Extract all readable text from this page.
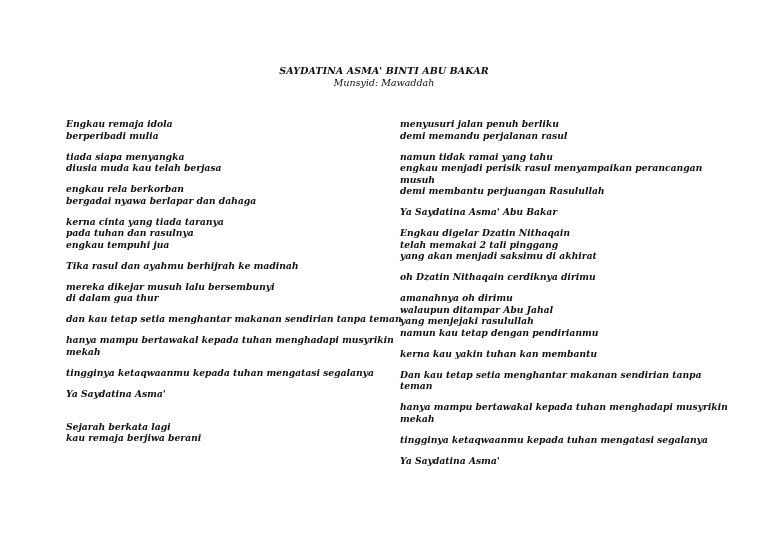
SAYDATINA ASMA' BINTI ABU BAKAR
Munsyid: Mawaddah
Engkau remaja idola
berperibadi mulia
tiada siapa menyangka
diusia muda kau telah berjasa
engkau rela berkorban
bergadai nyawa berlapar dan dahaga
kerna cinta yang tiada taranya
pada tuhan dan rasulnya
engkau tempuhi jua
Tika rasul dan ayahmu berhijrah ke madinah
mereka dikejar musuh lalu bersembunyi
di dalam gua thur
dan kau tetap setia menghantar makanan sendirian tanpa teman
hanya mampu bertawakal kepada tuhan menghadapi musyrikin mekah
tingginya ketaqwaanmu kepada tuhan mengatasi segalanya
Ya Saydatina Asma'
Sejarah berkata lagi
kau remaja berjiwa berani
menyusuri jalan penuh berliku
demi memandu perjalanan rasul
namun tidak ramai yang tahu
engkau menjadi perisik rasul menyampaikan perancangan musuh
demi membantu perjuangan Rasulullah
Ya Saydatina Asma' Abu Bakar
Engkau digelar Dzatin Nithaqain
telah memakai 2 tali pinggang
yang akan menjadi saksimu di akhirat
oh Dzatin Nithaqain cerdiknya dirimu
amanahnya oh dirimu
walaupun ditampar Abu Jahal
yang menjejaki rasulullah
namun kau tetap dengan pendirianmu
kerna kau yakin tuhan kan membantu
Dan kau tetap setia menghantar makanan sendirian tanpa teman
hanya mampu bertawakal kepada tuhan menghadapi musyrikin mekah
tingginya ketaqwaanmu kepada tuhan mengatasi segalanya
Ya Saydatina Asma'
